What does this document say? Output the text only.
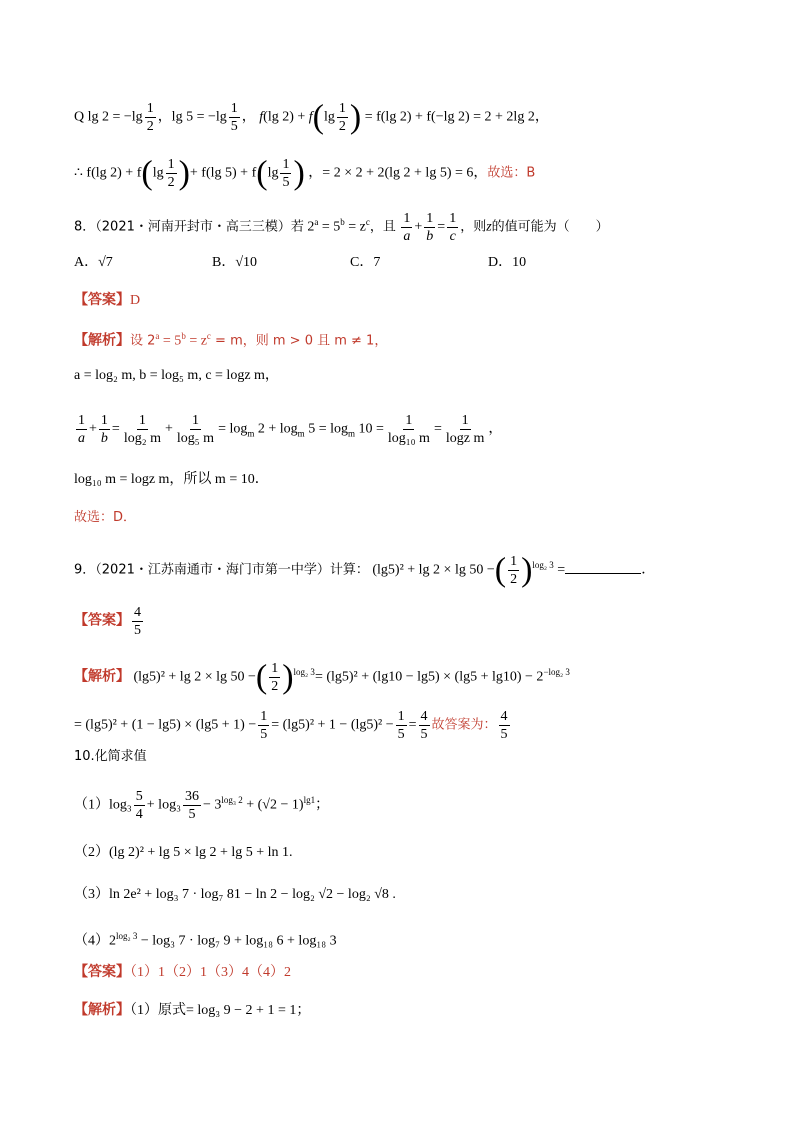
Q $\lg 2 = -\lg \frac{1}{2}$ ，$\lg 5 = -\lg \frac{1}{5}$ ， f(lg $2) + f(\lg \frac{1}{2}$ ) = f(lg 2) + f(−lg 2) = 2 + 2lg 2，
∴ f(lg $2) + f(\lg \frac{1}{2}$ )+ f(lg $5) + f(\lg \frac{1}{5}$ ) ，= 2 × 2 + 2(lg 2 + lg 5) = 6，故选：B
8．（2021・河南开封市・高三三模）若 $2^a = 5^b = z^c$，且 $\frac{1}{a} + \frac{1}{b} = \frac{1}{c}$ ，则z的值可能为（　　）
A．√7	B．√10	C．7	D．10
【答案】D
【解析】设 $2^a = 5^b = z^c = m$，则 m > 0 且 m ≠ 1，
a = log₂ m, b = log₅ m, c = logz m，
$\frac{1}{a} + \frac{1}{b} = \frac{1}{\text{log₂ m}} + \frac{1}{\text{log₅ m}} = \log_m 2 + \log_m 5 = \log_m 10 = \frac{1}{\text{log₁₀ m}} = \frac{1}{\text{logz m}}$ ，
log₁₀ m = logz m，所以 m = 10．
故选：D．
9．（2021・江苏南通市・海门市第一中学）计算： (lg5)² + lg 2 × lg 50 −( $\frac{1}{2} )^{log_2 3}$ =	．
【答案】 $\frac{4}{5}$
【解析】 (lg5)² + lg 2 × lg 50 −( $\frac{1}{2} )^{log_2 3}= (\lg 5)^2 + (\lg 10 - \lg 5) \times (\lg 5 + \lg 10) - 2^{-log_2 3}$
= $(\lg 5)^2 + (1 - \lg 5) \times (\lg 5 + 1) - \frac{1}{5} = (\lg 5)^2 + 1 - (\lg 5)^2 - \frac{1}{5} = \frac{4}{5}$ 故答案为： $\frac{4}{5}$
10.化简求值
$(1)\log_3 \frac{5}{4} + \log_3 \frac{36}{5} - 3^{log_3 2} + (√2 - 1)^{lg1}$；
（2）(lg 2)² + lg 5 × lg 2 + lg 5 + ln 1.
（3）ln 2e² + log₃ 7 · log₇ 81 − ln 2 − log₂ √2 − log₂ √8 .
$(4)2^{log_2 3} - \log_3$ 7 · log₇ 9 + log₁₈ 6 + log₁₈ 3
【答案】（1）1（2）1（3）4（4）2
【解析】（1）原式= log₃ 9 − 2 + 1 = 1；
